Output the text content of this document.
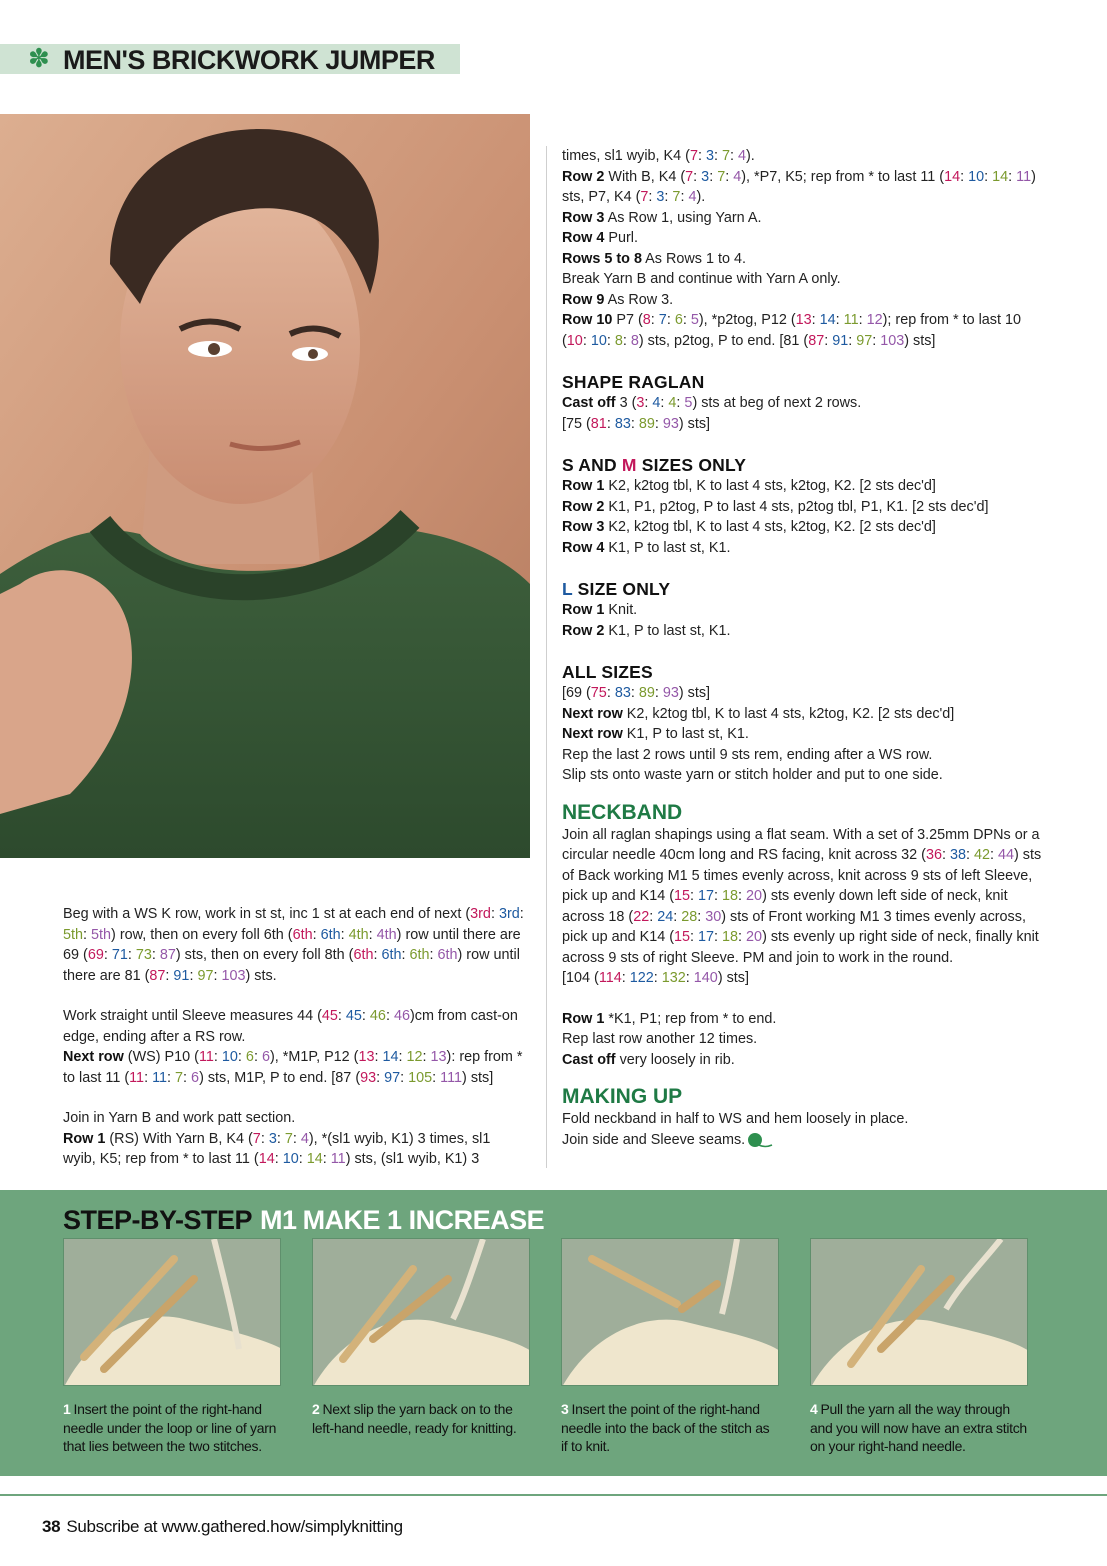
✽ MEN'S BRICKWORK JUMPER

Beg with a WS K row, work in st st, inc 1 st at each end of next (3rd: 3rd: 5th: 5th) row, then on every foll 6th (6th: 6th: 4th: 4th) row until there are 69 (69: 71: 73: 87) sts, then on every foll 8th (6th: 6th: 6th: 6th) row until there are 81 (87: 91: 97: 103) sts.

Work straight until Sleeve measures 44 (45: 45: 46: 46)cm from cast-on edge, ending after a RS row.

Next row (WS) P10 (11: 10: 6: 6), *M1P, P12 (13: 14: 12: 13): rep from * to last 11 (11: 11: 7: 6) sts, M1P, P to end. [87 (93: 97: 105: 111) sts]

Join in Yarn B and work patt section.

Row 1 (RS) With Yarn B, K4 (7: 3: 7: 4), *(sl1 wyib, K1) 3 times, sl1 wyib, K5; rep from * to last 11 (14: 10: 14: 11) sts, (sl1 wyib, K1) 3

times, sl1 wyib, K4 (7: 3: 7: 4).

Row 2 With B, K4 (7: 3: 7: 4), *P7, K5; rep from * to last 11 (14: 10: 14: 11) sts, P7, K4 (7: 3: 7: 4).

Row 3 As Row 1, using Yarn A.

Row 4 Purl.

Rows 5 to 8 As Rows 1 to 4.

Break Yarn B and continue with Yarn A only.

Row 9 As Row 3.

Row 10 P7 (8: 7: 6: 5), *p2tog, P12 (13: 14: 11: 12); rep from * to last 10 (10: 10: 8: 8) sts, p2tog, P to end. [81 (87: 91: 97: 103) sts]

SHAPE RAGLAN

Cast off 3 (3: 4: 4: 5) sts at beg of next 2 rows.

[75 (81: 83: 89: 93) sts]

S AND M SIZES ONLY

Row 1 K2, k2tog tbl, K to last 4 sts, k2tog, K2. [2 sts dec'd]

Row 2 K1, P1, p2tog, P to last 4 sts, p2tog tbl, P1, K1. [2 sts dec'd]

Row 3 K2, k2tog tbl, K to last 4 sts, k2tog, K2. [2 sts dec'd]

Row 4 K1, P to last st, K1.

L SIZE ONLY

Row 1 Knit.

Row 2 K1, P to last st, K1.

ALL SIZES

[69 (75: 83: 89: 93) sts]

Next row K2, k2tog tbl, K to last 4 sts, k2tog, K2. [2 sts dec'd]

Next row K1, P to last st, K1.

Rep the last 2 rows until 9 sts rem, ending after a WS row.

Slip sts onto waste yarn or stitch holder and put to one side.

NECKBAND

Join all raglan shapings using a flat seam. With a set of 3.25mm DPNs or a circular needle 40cm long and RS facing, knit across 32 (36: 38: 42: 44) sts of Back working M1 5 times evenly across, knit across 9 sts of left Sleeve, pick up and K14 (15: 17: 18: 20) sts evenly down left side of neck, knit across 18 (22: 24: 28: 30) sts of Front working M1 3 times evenly across, pick up and K14 (15: 17: 18: 20) sts evenly up right side of neck, finally knit across 9 sts of right Sleeve. PM and join to work in the round.

[104 (114: 122: 132: 140) sts]

Row 1 *K1, P1; rep from * to end.

Rep last row another 12 times.

Cast off very loosely in rib.

MAKING UP

Fold neckband in half to WS and hem loosely in place.

Join side and Sleeve seams.

STEP-BY-STEP M1 MAKE 1 INCREASE

1 Insert the point of the right-hand needle under the loop or line of yarn that lies between the two stitches.

2 Next slip the yarn back on to the left-hand needle, ready for knitting.

3 Insert the point of the right-hand needle into the back of the stitch as if to knit.

4 Pull the yarn all the way through and you will now have an extra stitch on your right-hand needle.

38 Subscribe at www.gathered.how/simplyknitting
